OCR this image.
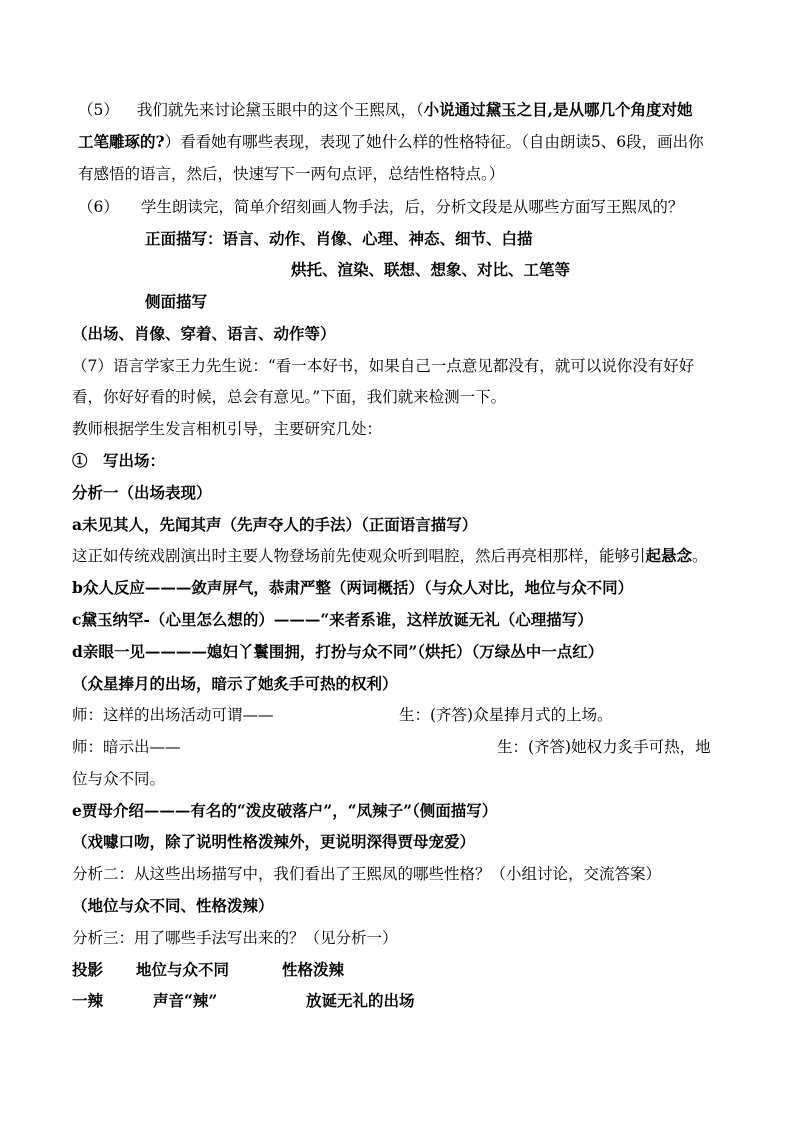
（5） 我们就先来讨论黛玉眼中的这个王熙凤，（小说通过黛玉之目,是从哪几个角度对她
工笔雕琢的?）看看她有哪些表现，表现了她什么样的性格特征。（自由朗读5、6段，画出你
有感悟的语言，然后，快速写下一两句点评，总结性格特点。）
（6） 学生朗读完，简单介绍刻画人物手法，后，分析文段是从哪些方面写王熙凤的？
正面描写：语言、动作、肖像、心理、神态、细节、白描
烘托、渲染、联想、想象、对比、工笔等
侧面描写
（出场、肖像、穿着、语言、动作等）
（7）语言学家王力先生说：“看一本好书，如果自己一点意见都没有，就可以说你没有好好
看，你好好看的时候，总会有意见。”下面，我们就来检测一下。
教师根据学生发言相机引导，主要研究几处：
①　写出场：
分析一（出场表现）
a未见其人，先闻其声（先声夺人的手法）（正面语言描写）
这正如传统戏剧演出时主要人物登场前先使观众听到唱腔，然后再亮相那样，能够引起悬念。
b众人反应———敛声屏气，恭肃严整（两词概括）（与众人对比，地位与众不同）
c黛玉纳罕-（心里怎么想的）———“来者系谁，这样放诞无礼（心理描写）
d亲眼一见————媳妇丫鬟围拥，打扮与众不同”（烘托）（万绿丛中一点红）
（众星捧月的出场，暗示了她炙手可热的权利）
师：这样的出场活动可谓——	生：(齐答)众星捧月式的上场。
师：暗示出——	生：(齐答)她权力炙手可热，地
位与众不同。
e贾母介绍———有名的“泼皮破落户”，“凤辣子”（侧面描写）
（戏噱口吻，除了说明性格泼辣外，更说明深得贾母宠爱）
分析二：从这些出场描写中，我们看出了王熙凤的哪些性格？（小组讨论，交流答案）
（地位与众不同、性格泼辣）
分析三：用了哪些手法写出来的？（见分析一）
投影 地位与众不同	性格泼辣
一辣	声音“辣”	放诞无礼的出场
